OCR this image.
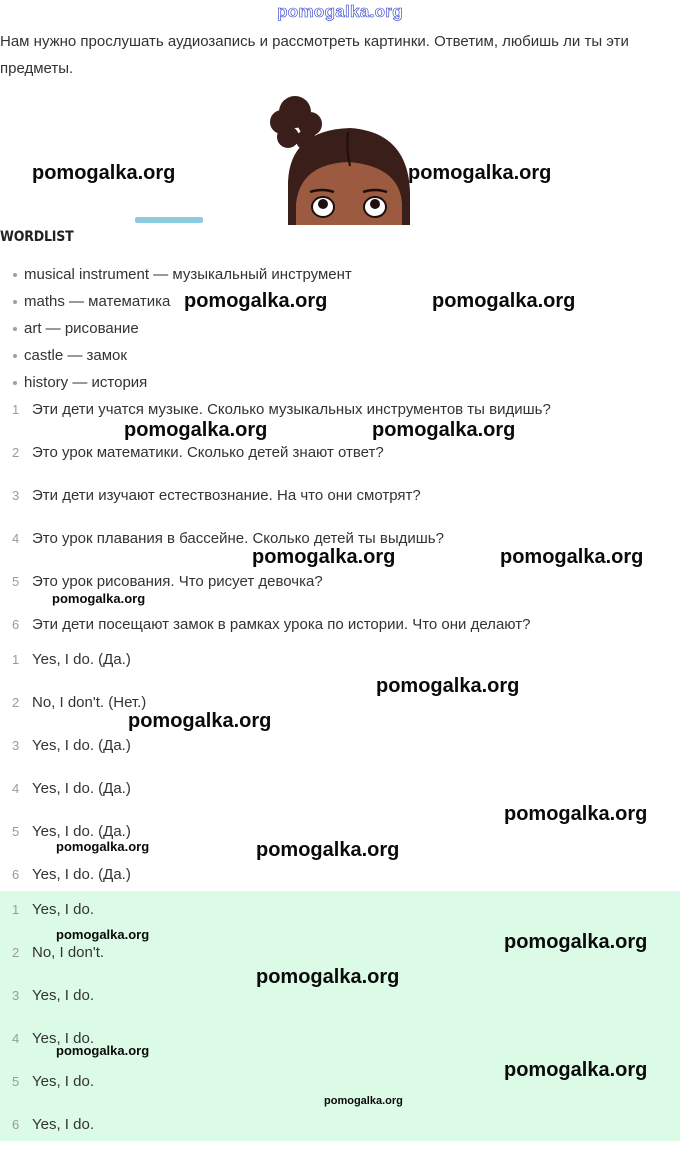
pomogalka.org

Нам нужно прослушать аудиозапись и рассмотреть картинки. Ответим, любишь ли ты эти предметы.

WORDLIST
musical instrument — музыкальный инструмент
maths — математика
art — рисование
castle — замок
history — история
1 Эти дети учатся музыке. Сколько музыкальных инструментов ты видишь?
2 Это урок математики. Сколько детей знают ответ?
3 Эти дети изучают естествознание. На что они смотрят?
4 Это урок плавания в бассейне. Сколько детей ты выдишь?
5 Это урок рисования. Что рисует девочка?
6 Эти дети посещают замок в рамках урока по истории. Что они делают?
1 Yes, I do. (Да.)
2 No, I don't. (Нет.)
3 Yes, I do. (Да.)
4 Yes, I do. (Да.)
5 Yes, I do. (Да.)
6 Yes, I do. (Да.)
1 Yes, I do.
2 No, I don't.
3 Yes, I do.
4 Yes, I do.
5 Yes, I do.
6 Yes, I do.
pomogalka.org	pomogalka.org
pomogalka.org	pomogalka.org
pomogalka.org	pomogalka.org
pomogalka.org	pomogalka.org
pomogalka.org
pomogalka.org
pomogalka.org
pomogalka.org
pomogalka.org	pomogalka.org
pomogalka.org	pomogalka.org
pomogalka.org
pomogalka.org
pomogalka.org
pomogalka.org
